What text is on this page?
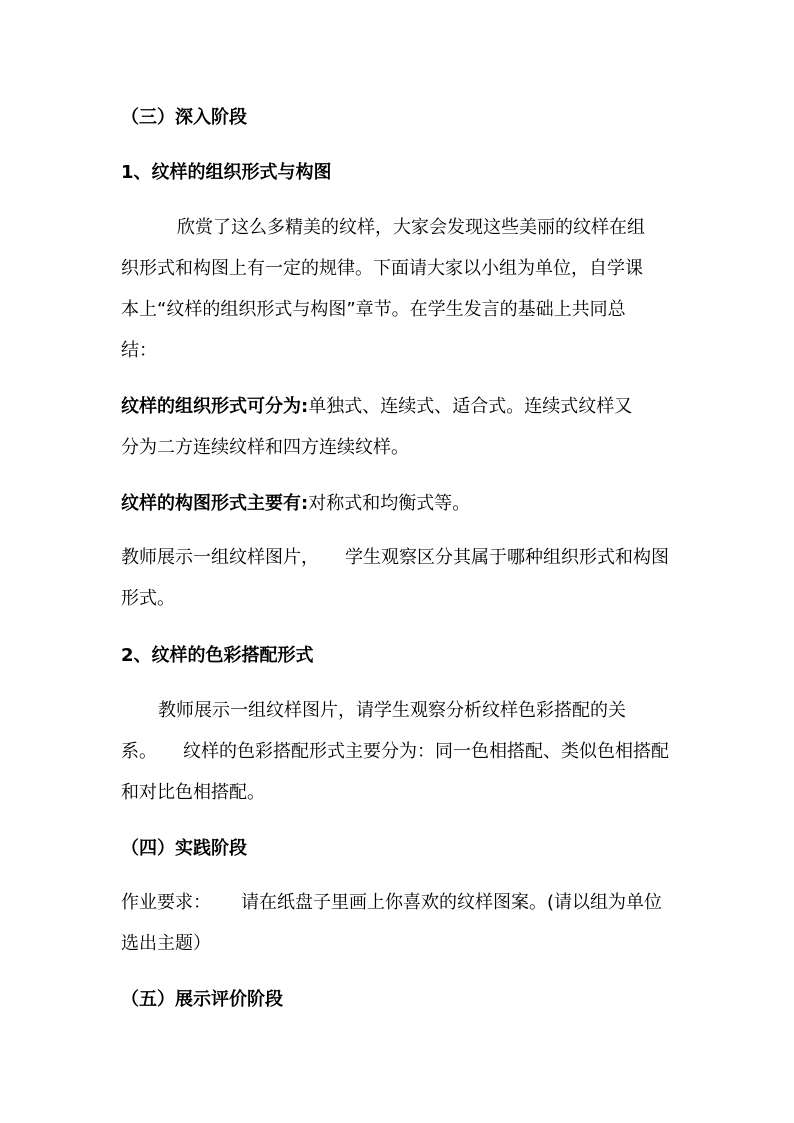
（三）深入阶段
1、纹样的组织形式与构图
欣赏了这么多精美的纹样，大家会发现这些美丽的纹样在组
织形式和构图上有一定的规律。下面请大家以小组为单位，自学课
本上“纹样的组织形式与构图”章节。在学生发言的基础上共同总
结：
纹样的组织形式可分为:单独式、连续式、适合式。连续式纹样又
分为二方连续纹样和四方连续纹样。
纹样的构图形式主要有:对称式和均衡式等。
教师展示一组纹样图片， 学生观察区分其属于哪种组织形式和构图
形式。
2、纹样的色彩搭配形式
教师展示一组纹样图片，请学生观察分析纹样色彩搭配的关
系。 纹样的色彩搭配形式主要分为：同一色相搭配、类似色相搭配
和对比色相搭配。
（四）实践阶段
作业要求： 请在纸盘子里画上你喜欢的纹样图案。(请以组为单位
选出主题）
（五）展示评价阶段
